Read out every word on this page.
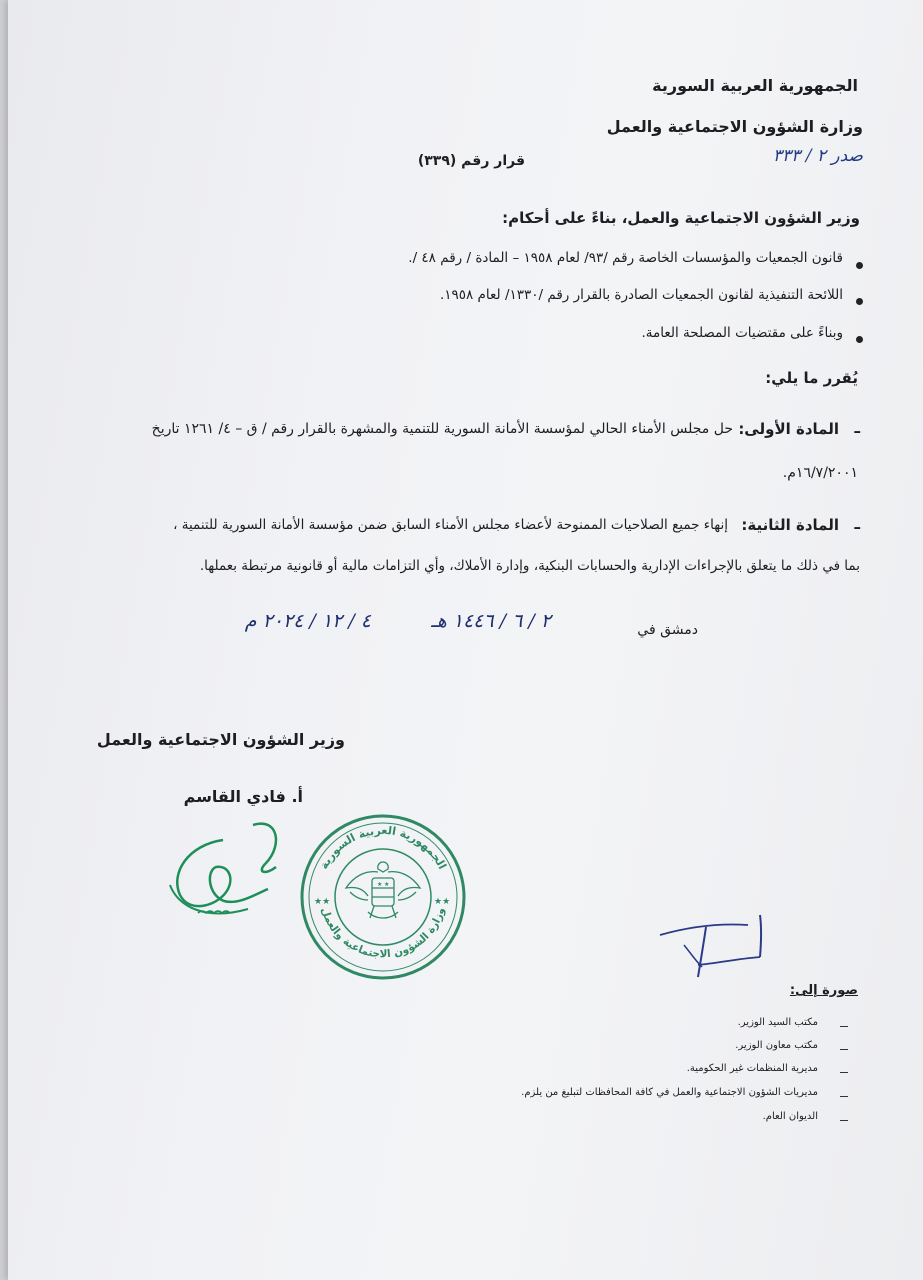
الجمهورية العربية السورية
وزارة الشؤون الاجتماعية والعمل
قرار رقم (٣٣٩)	صدر ٢ / ٣٣٣
وزير الشؤون الاجتماعية والعمل، بناءً على أحكام:
قانون الجمعيات والمؤسسات الخاصة رقم /٩٣/ لعام ١٩٥٨ – المادة / رقم ٤٨ /.
اللائحة التنفيذية لقانون الجمعيات الصادرة بالقرار رقم /١٣٣٠/ لعام ١٩٥٨.
وبناءً على مقتضيات المصلحة العامة.
يُقرر ما يلي:
–
المادة الأولى:
حل مجلس الأمناء الحالي لمؤسسة الأمانة السورية للتنمية والمشهرة بالقرار رقم / ق – ٤/ ١٢٦١ تاريخ
١٦/٧/٢٠٠١م.
–
المادة الثانية:
إنهاء جميع الصلاحيات الممنوحة لأعضاء مجلس الأمناء السابق ضمن مؤسسة الأمانة السورية للتنمية ،
بما في ذلك ما يتعلق بالإجراءات الإدارية والحسابات البنكية، وإدارة الأملاك، وأي التزامات مالية أو قانونية مرتبطة بعملها.
دمشق في
٢ / ٦ / ١٤٤٦ هـ
٤ / ١٢ / ٢٠٢٤ م
وزير الشؤون الاجتماعية والعمل
أ. فادي القاسم
الجمهورية العربية السورية
وزارة الشؤون الاجتماعية والعمل
★★	★★
★ ★
صورة إلى:
مكتب السيد الوزير.
مكتب معاون الوزير.
مديرية المنظمات غير الحكومية.
مديريات الشؤون الاجتماعية والعمل في كافة المحافظات لتبليغ من يلزم.
الديوان العام.
